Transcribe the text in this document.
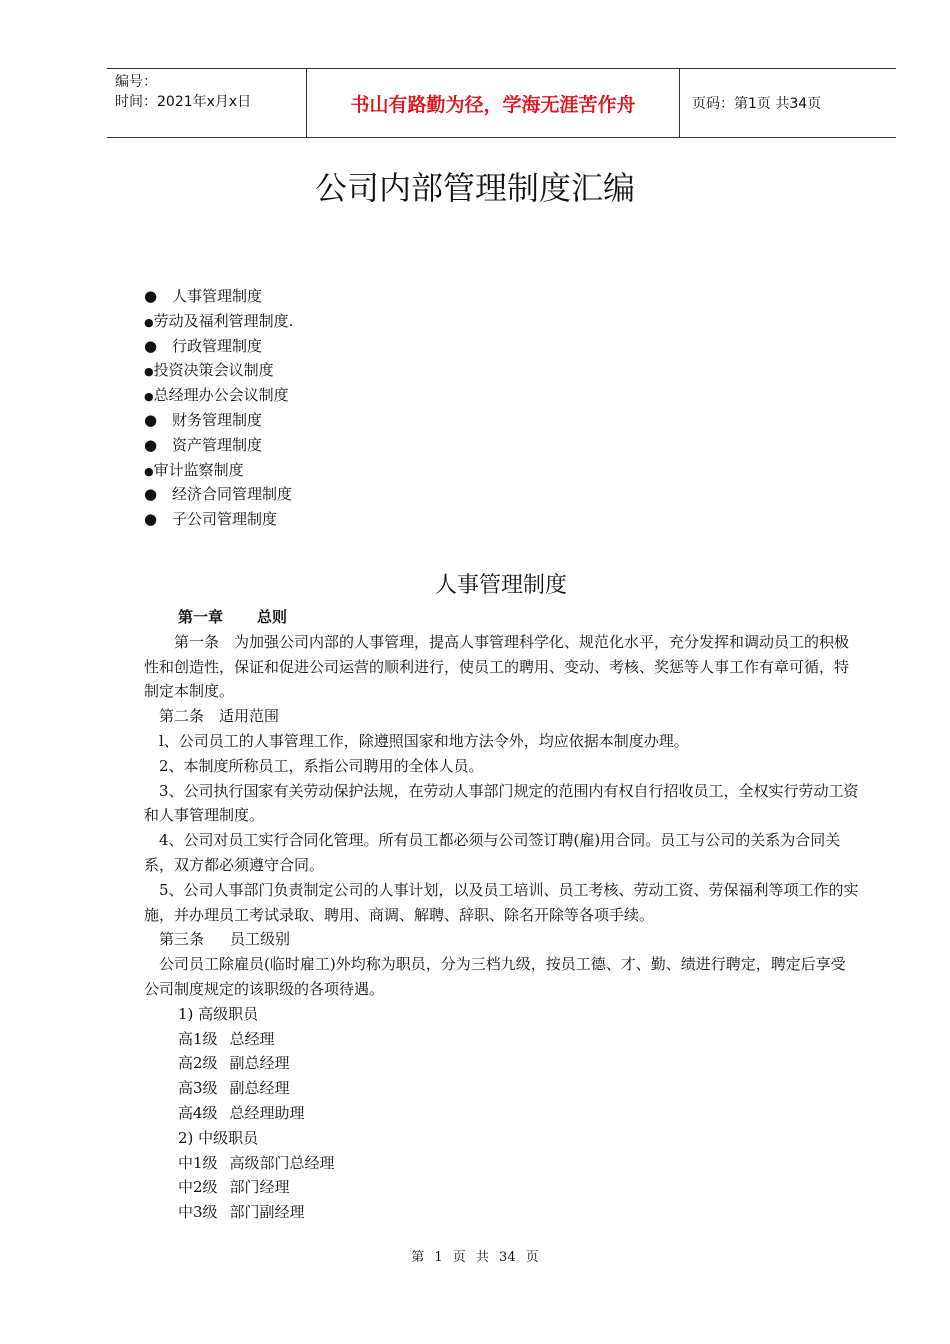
编号：
时间：2021年x月x日	书山有路勤为径，学海无涯苦作舟	页码：第1页 共34页
公司内部管理制度汇编
● 人事管理制度
●劳动及福利管理制度.
● 行政管理制度
●投资决策会议制度
●总经理办公会议制度
● 财务管理制度
● 资产管理制度
●审计监察制度
● 经济合同管理制度
● 子公司管理制度
人事管理制度

第一章 总则

第一条　为加强公司内部的人事管理，提高人事管理科学化、规范化水平，充分发挥和调动员工的积极性和创造性，保证和促进公司运营的顺利进行，使员工的聘用、变动、考核、奖惩等人事工作有章可循，特制定本制度。

第二条　适用范围

l、公司员工的人事管理工作，除遵照国家和地方法令外，均应依据本制度办理。

2、本制度所称员工，系指公司聘用的全体人员。

3、公司执行国家有关劳动保护法规，在劳动人事部门规定的范围内有权自行招收员工，全权实行劳动工资和人事管理制度。

4、公司对员工实行合同化管理。所有员工都必须与公司签订聘(雇)用合同。员工与公司的关系为合同关系，双方都必须遵守合同。

5、公司人事部门负责制定公司的人事计划，以及员工培训、员工考核、劳动工资、劳保福利等项工作的实施，并办理员工考试录取、聘用、商调、解聘、辞职、除名开除等各项手续。

第三条 员工级别

公司员工除雇员(临时雇工)外均称为职员，分为三档九级，按员工德、才、勤、绩进行聘定，聘定后享受公司制度规定的该职级的各项待遇。

1) 高级职员

高1级 总经理

高2级 副总经理

高3级 副总经理

高4级 总经理助理

2) 中级职员

中1级 高级部门总经理

中2级 部门经理

中3级 部门副经理

第 1 页 共 34 页
